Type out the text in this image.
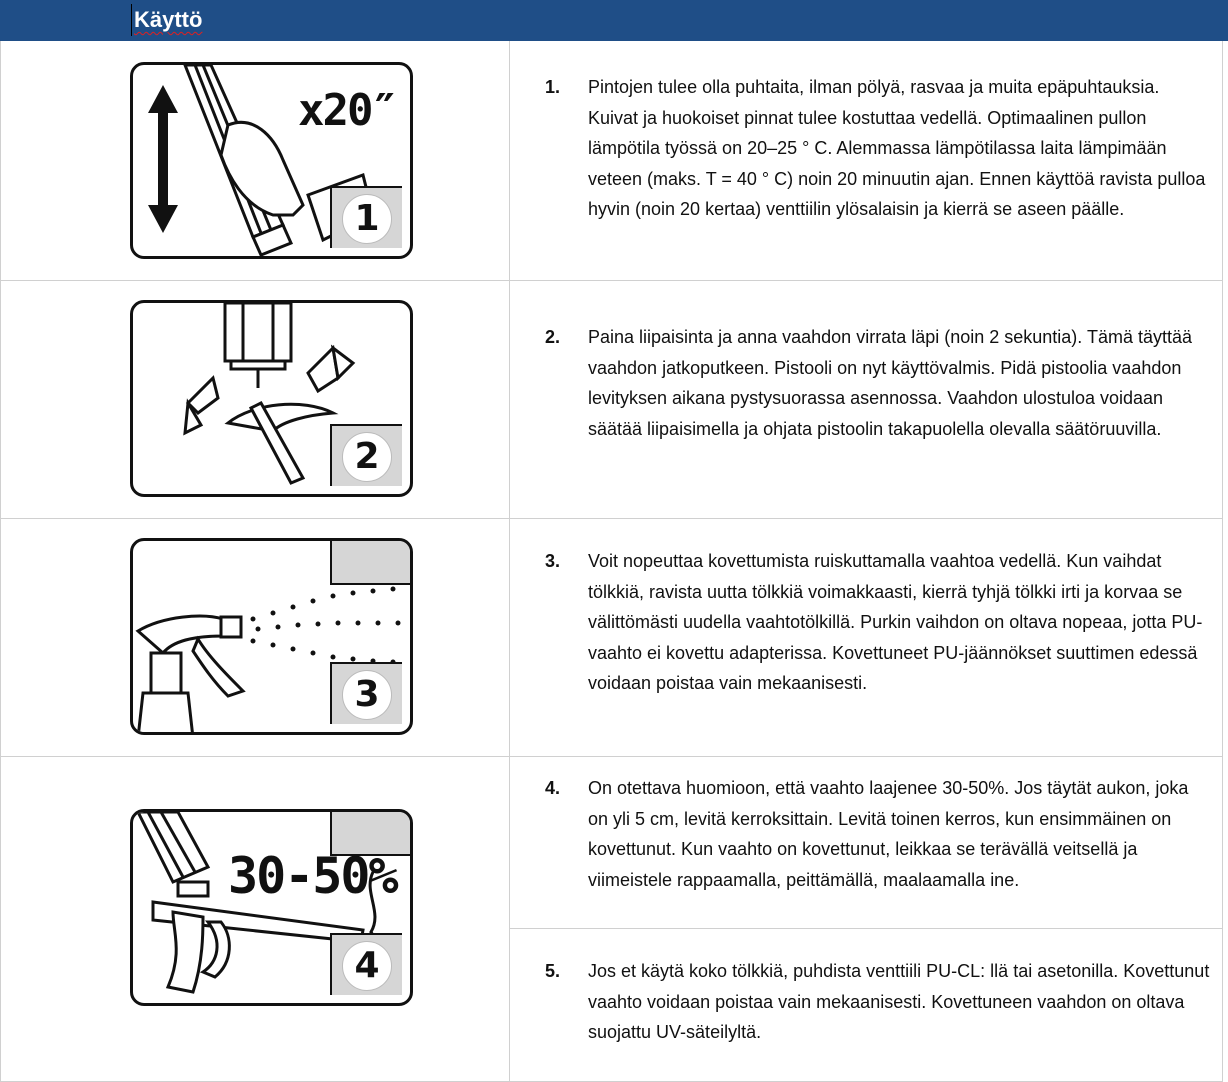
Käyttö
x20″
1
1. Pintojen tulee olla puhtaita, ilman pölyä, rasvaa ja muita epäpuhtauksia. Kuivat ja huokoiset pinnat tulee kostuttaa vedellä. Optimaalinen pullon lämpötila työssä on 20–25 ° C. Alemmassa lämpötilassa laita lämpimään veteen (maks. T = 40 ° C) noin 20 minuutin ajan. Ennen käyttöä ravista pulloa hyvin (noin 20 kertaa) venttiilin ylösalaisin ja kierrä se aseen päälle.
2
2. Paina liipaisinta ja anna vaahdon virrata läpi (noin 2 sekuntia). Tämä täyttää vaahdon jatkoputkeen. Pistooli on nyt käyttövalmis. Pidä pistoolia vaahdon levityksen aikana pystysuorassa asennossa. Vaahdon ulostuloa voidaan säätää liipaisimella ja ohjata pistoolin takapuolella olevalla säätöruuvilla.
3
3. Voit nopeuttaa kovettumista ruiskuttamalla vaahtoa vedellä. Kun vaihdat tölkkiä, ravista uutta tölkkiä voimakkaasti, kierrä tyhjä tölkki irti ja korvaa se välittömästi uudella vaahtotölkillä. Purkin vaihdon on oltava nopeaa, jotta PU-vaahto ei kovettu adapterissa. Kovettuneet PU-jäännökset suuttimen edessä voidaan poistaa vain mekaanisesti.
30-50%
4
4. On otettava huomioon, että vaahto laajenee 30-50%. Jos täytät aukon, joka on yli 5 cm, levitä kerroksittain. Levitä toinen kerros, kun ensimmäinen on kovettunut. Kun vaahto on kovettunut, leikkaa se terävällä veitsellä ja viimeistele rappaamalla, peittämällä, maalaamalla ine.
5. Jos et käytä koko tölkkiä, puhdista venttiili PU-CL: llä tai asetonilla. Kovettunut vaahto voidaan poistaa vain mekaanisesti. Kovettuneen vaahdon on oltava suojattu UV-säteilyltä.
